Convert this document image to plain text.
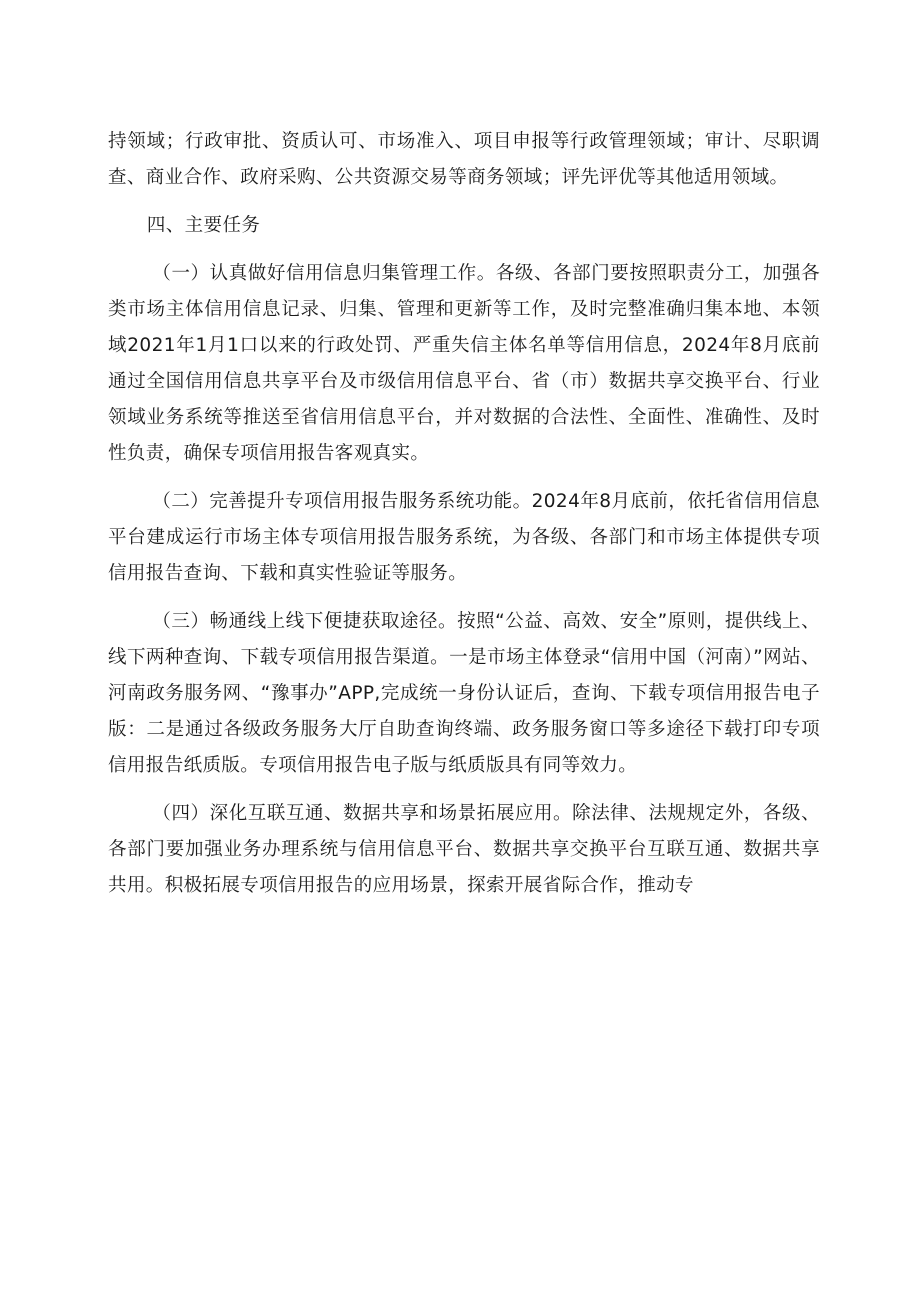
持领域；行政审批、资质认可、市场准入、项目申报等行政管理领域；审计、尽职调查、商业合作、政府采购、公共资源交易等商务领域；评先评优等其他适用领域。

四、主要任务

（一）认真做好信用信息归集管理工作。各级、各部门要按照职责分工，加强各类市场主体信用信息记录、归集、管理和更新等工作，及时完整准确归集本地、本领域2021年1月1口以来的行政处罚、严重失信主体名单等信用信息，2024年8月底前通过全国信用信息共享平台及市级信用信息平台、省（市）数据共享交换平台、行业领域业务系统等推送至省信用信息平台，并对数据的合法性、全面性、准确性、及时性负责，确保专项信用报告客观真实。

（二）完善提升专项信用报告服务系统功能。2024年8月底前，依托省信用信息平台建成运行市场主体专项信用报告服务系统，为各级、各部门和市场主体提供专项信用报告查询、下载和真实性验证等服务。

（三）畅通线上线下便捷获取途径。按照“公益、高效、安全”原则，提供线上、线下两种查询、下载专项信用报告渠道。一是市场主体登录“信用中国（河南）”网站、河南政务服务网、“豫事办”APP,完成统一身份认证后，查询、下载专项信用报告电子版：二是通过各级政务服务大厅自助查询终端、政务服务窗口等多途径下载打印专项信用报告纸质版。专项信用报告电子版与纸质版具有同等效力。

（四）深化互联互通、数据共享和场景拓展应用。除法律、法规规定外，各级、各部门要加强业务办理系统与信用信息平台、数据共享交换平台互联互通、数据共享共用。积极拓展专项信用报告的应用场景，探索开展省际合作，推动专
